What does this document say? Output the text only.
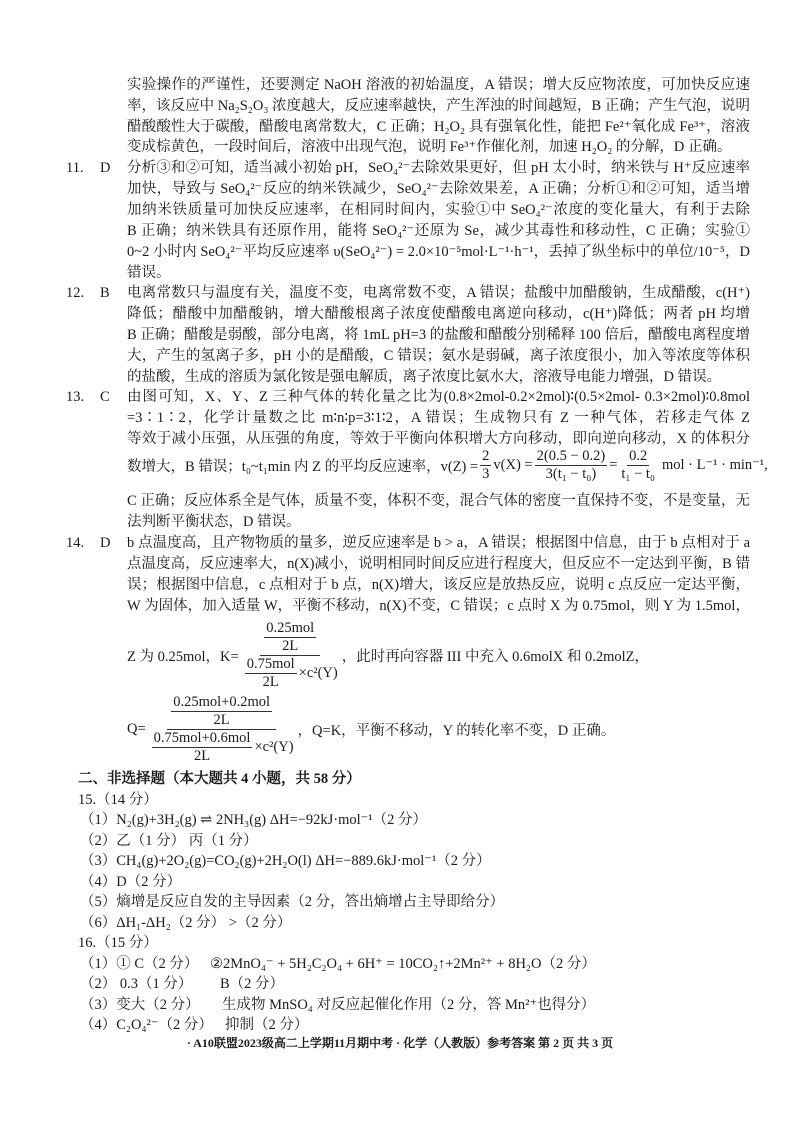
实验操作的严谨性，还要测定 NaOH 溶液的初始温度，A 错误；增大反应物浓度，可加快反应速
率，该反应中 Na₂S₂O₃ 浓度越大，反应速率越快，产生浑浊的时间越短，B 正确；产生气泡，说明
醋酸酸性大于碳酸，醋酸电离常数大，C 正确；H₂O₂ 具有强氧化性，能把 Fe²⁺氧化成 Fe³⁺，溶液
变成棕黄色，一段时间后，溶液中出现气泡，说明 Fe³⁺作催化剂，加速 H₂O₂ 的分解，D 正确。
11.	D	分析③和②可知，适当减小初始 pH，SeO₄²⁻去除效果更好，但 pH 太小时，纳米铁与 H⁺反应速率
加快，导致与 SeO₄²⁻反应的纳米铁减少，SeO₄²⁻去除效果差，A 正确；分析①和②可知，适当增
加纳米铁质量可加快反应速率，在相同时间内，实验①中 SeO₄²⁻浓度的变化量大，有利于去除
B 正确；纳米铁具有还原作用，能将 SeO₄²⁻还原为 Se，减少其毒性和移动性，C 正确；实验①
0~2 小时内 SeO₄²⁻平均反应速率 υ(SeO₄²⁻) = 2.0×10⁻⁵mol·L⁻¹·h⁻¹，丢掉了纵坐标中的单位/10⁻⁵，D
错误。
12.	B	电离常数只与温度有关，温度不变，电离常数不变，A 错误；盐酸中加醋酸钠，生成醋酸，c(H⁺)
降低；醋酸中加醋酸钠，增大醋酸根离子浓度使醋酸电离逆向移动，c(H⁺)降低；两者 pH 均增
B 正确；醋酸是弱酸，部分电离，将 1mL pH=3 的盐酸和醋酸分别稀释 100 倍后，醋酸电离程度增
大，产生的氢离子多，pH 小的是醋酸，C 错误；氨水是弱碱，离子浓度很小，加入等浓度等体积
的盐酸，生成的溶质为氯化铵是强电解质，离子浓度比氨水大，溶液导电能力增强，D 错误。
13.	C	由图可知，X、Y、Z 三种气体的转化量之比为(0.8×2mol-0.2×2mol)∶(0.5×2mol- 0.3×2mol)∶0.8mol
=3∶1∶2，化学计量数之比 m∶n∶p=3∶1∶2，A 错误；生成物只有 Z 一种气体，若移走气体 Z
等效于减小压强，从压强的角度，等效于平衡向体积增大方向移动，即向逆向移动，X 的体积分
数增大，B 错误；t₀~t₁min 内 Z 的平均反应速率，$v(Z) = \frac{2}{3} v(X) = \frac{2(0.5 - 0.2)}{\text{3(t₁ − t₀)}} = \frac{0.2}{\text{t₁ − t₀}}$ mol · L⁻¹ · min⁻¹,
C 正确；反应体系全是气体，质量不变，体积不变，混合气体的密度一直保持不变，不是变量，无
法判断平衡状态，D 错误。
14.	D	b 点温度高，且产物物质的量多，逆反应速率是 b > a，A 错误；根据图中信息，由于 b 点相对于 a
点温度高，反应速率大，n(X)减小，说明相同时间反应进行程度大，但反应不一定达到平衡，B 错
误；根据图中信息，c 点相对于 b 点，n(X)增大，该反应是放热反应，说明 c 点反应一定达平衡，
W 为固体，加入适量 W，平衡不移动，n(X)不变，C 错误；c 点时 X 为 0.75mol，则 Y 为 1.5mol，
Z 为 0.25mol，$K= \frac{\frac{\text{0.25mol}}{2L}}{\frac{\text{0.75mol}}{2L} \times c^2(Y)}$ ，此时再向容器 III 中充入 0.6molX 和 0.2molZ，
$Q= \frac{\frac{\text{0.25mol+0.2mol}}{2L}}{\frac{\text{0.75mol+0.6mol}}{2L} \times c^2(Y)}$ ，Q=K，平衡不移动，Y 的转化率不变，D 正确。
二、非选择题（本大题共 4 小题，共 58 分）
15.（14 分）
（1）N₂(g)+3H₂(g) ⇌ 2NH₃(g) ΔH=−92kJ·mol⁻¹（2 分）
（2）乙（1 分） 丙（1 分）
（3）CH₄(g)+2O₂(g)=CO₂(g)+2H₂O(l) ΔH=−889.6kJ·mol⁻¹（2 分）
（4）D（2 分）
（5）熵增是反应自发的主导因素（2 分，答出熵增占主导即给分）
（6）ΔH₁-ΔH₂（2 分） >（2 分）
16.（15 分）
（1）① C（2 分） ②2MnO₄⁻ + 5H₂C₂O₄ + 6H⁺ = 10CO₂↑+2Mn²⁺ + 8H₂O（2 分）
（2） 0.3（1 分） B（2 分）
（3）变大（2 分） 生成物 MnSO₄ 对反应起催化作用（2 分，答 Mn²⁺也得分）
（4）C₂O₄²⁻（2 分） 抑制（2 分）
· A10联盟2023级高二上学期11月期中考 · 化学（人教版）参考答案 第 2 页 共 3 页
